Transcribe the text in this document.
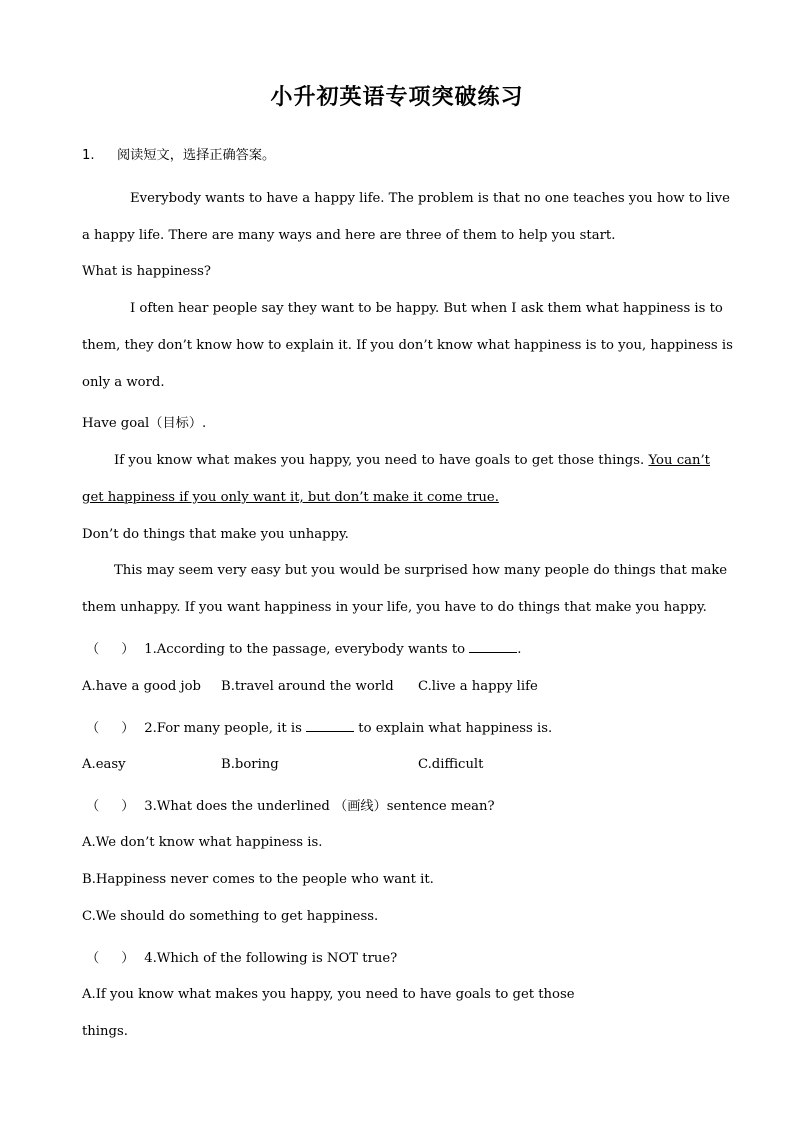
小升初英语专项突破练习
1. 阅读短文，选择正确答案。
Everybody wants to have a happy life. The problem is that no one teaches you how to live
a happy life. There are many ways and here are three of them to help you start.
What is happiness?
I often hear people say they want to be happy. But when I ask them what happiness is to
them, they don’t know how to explain it. If you don’t know what happiness is to you, happiness is
only a word.
Have goal（目标）.
If you know what makes you happy, you need to have goals to get those things. You can’t
get happiness if you only want it, but don’t make it come true.
Don’t do things that make you unhappy.
This may seem very easy but you would be surprised how many people do things that make
them unhappy. If you want happiness in your life, you have to do things that make you happy.
（ ） 1.According to the passage, everybody wants to	.
A.have a good job B.travel around the world C.live a happy life
（ ） 2.For many people, it is	to explain what happiness is.
A.easy	B.boring	C.difficult
（ ） 3.What does the underlined （画线）sentence mean?
A.We don’t know what happiness is.
B.Happiness never comes to the people who want it.
C.We should do something to get happiness.
（ ） 4.Which of the following is NOT true?
A.If you know what makes you happy, you need to have goals to get those
things.
